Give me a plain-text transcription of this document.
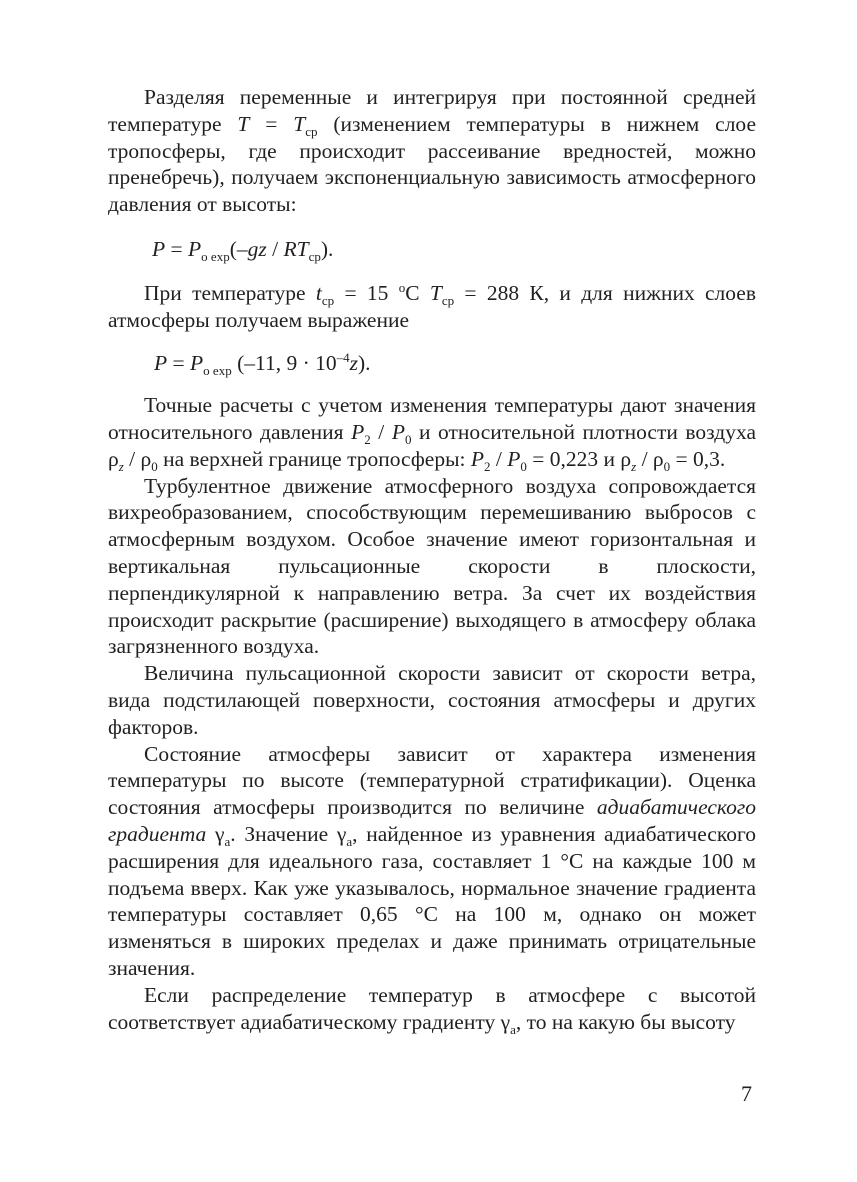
Разделяя переменные и интегрируя при постоянной средней температуре $T = T_{ср}$ (изменением температуры в нижнем слое тропосферы, где происходит рассеивание вредностей, можно пренебречь), получаем экспоненциальную зависимость атмосферного давления от высоты:

$P = P_{о exp}(-gz / RT_{ср})$.

При температуре $t_{ср} = 15$ $^о$С $T_{ср} = 288$ К, и для нижних слоев атмосферы получаем выражение

$P = P_{о exp}$ (–11, $9 \cdot 10^{-4}z$).

Точные расчеты с учетом изменения температуры дают значения относительного давления $P_2 / P_0$ и относительной плотности воздуха $\rho_z / \rho_0$ на верхней границе тропосферы: $P_2 / P_0 = 0,223$ и $\rho_z / \rho_0 = 0,3$.

Турбулентное движение атмосферного воздуха сопровождается вихреобразованием, способствующим перемешиванию выбросов с атмосферным воздухом. Особое значение имеют горизонтальная и вертикальная пульсационные скорости в плоскости, перпендикулярной к направлению ветра. За счет их воздействия происходит раскрытие (расширение) выходящего в атмосферу облака загрязненного воздуха.

Величина пульсационной скорости зависит от скорости ветра, вида подстилающей поверхности, состояния атмосферы и других факторов.

Состояние атмосферы зависит от характера изменения температуры по высоте (температурной стратификации). Оценка состояния атмосферы производится по величине адиабатического градиента $\gamma_а$. Значение $\gamma_а$, найденное из уравнения адиабатического расширения для идеального газа, составляет 1 °С на каждые 100 м подъема вверх. Как уже указывалось, нормальное значение градиента температуры составляет 0,65 °С на 100 м, однако он может изменяться в широких пределах и даже принимать отрицательные значения.

Если распределение температур в атмосфере с высотой соответствует адиабатическому градиенту $\gamma_а$, то на какую бы высоту

7
